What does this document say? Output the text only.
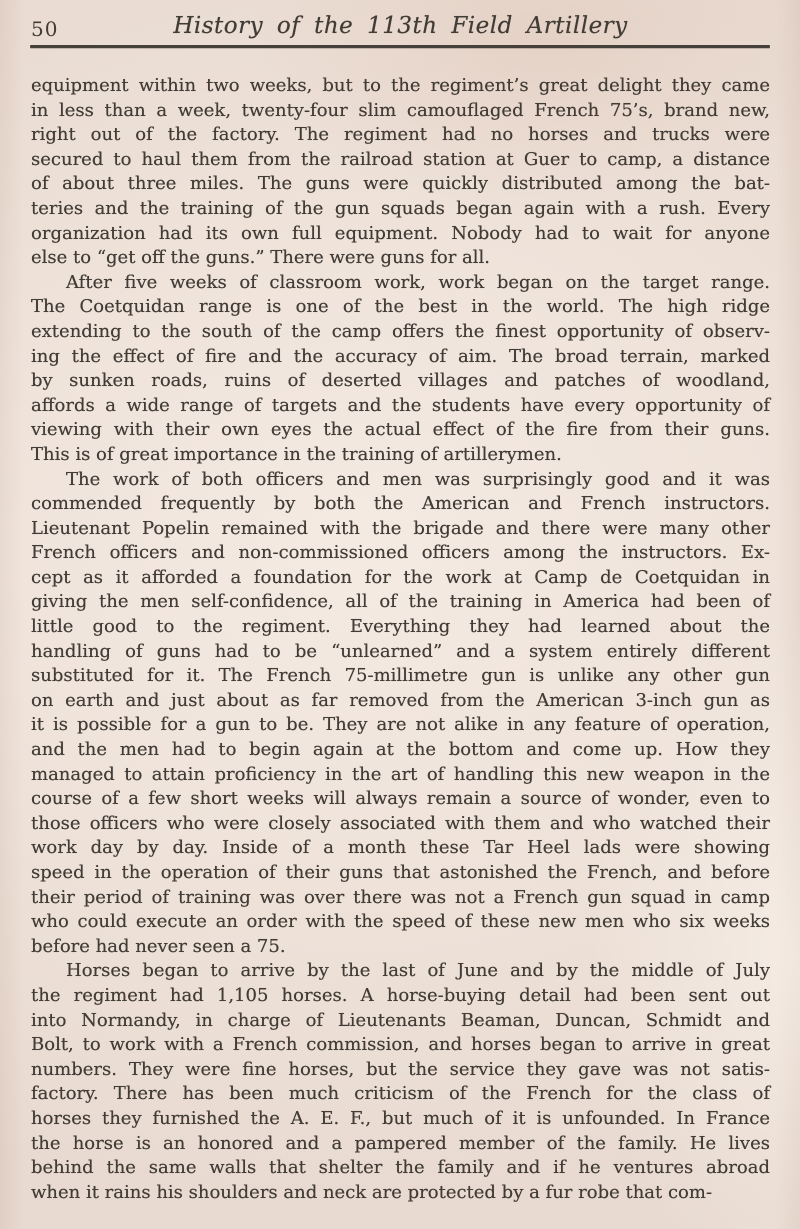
50	History of the 113th Field Artillery
equipment within two weeks, but to the regiment’s great delight they came
in less than a week, twenty-four slim camouflaged French 75’s, brand new,
right out of the factory. The regiment had no horses and trucks were
secured to haul them from the railroad station at Guer to camp, a distance
of about three miles. The guns were quickly distributed among the bat-
teries and the training of the gun squads began again with a rush. Every
organization had its own full equipment. Nobody had to wait for anyone
else to “get off the guns.” There were guns for all.
After five weeks of classroom work, work began on the target range.
The Coetquidan range is one of the best in the world. The high ridge
extending to the south of the camp offers the finest opportunity of observ-
ing the effect of fire and the accuracy of aim. The broad terrain, marked
by sunken roads, ruins of deserted villages and patches of woodland,
affords a wide range of targets and the students have every opportunity of
viewing with their own eyes the actual effect of the fire from their guns.
This is of great importance in the training of artillerymen.
The work of both officers and men was surprisingly good and it was
commended frequently by both the American and French instructors.
Lieutenant Popelin remained with the brigade and there were many other
French officers and non-commissioned officers among the instructors. Ex-
cept as it afforded a foundation for the work at Camp de Coetquidan in
giving the men self-confidence, all of the training in America had been of
little good to the regiment. Everything they had learned about the
handling of guns had to be “unlearned” and a system entirely different
substituted for it. The French 75-millimetre gun is unlike any other gun
on earth and just about as far removed from the American 3-inch gun as
it is possible for a gun to be. They are not alike in any feature of operation,
and the men had to begin again at the bottom and come up. How they
managed to attain proficiency in the art of handling this new weapon in the
course of a few short weeks will always remain a source of wonder, even to
those officers who were closely associated with them and who watched their
work day by day. Inside of a month these Tar Heel lads were showing
speed in the operation of their guns that astonished the French, and before
their period of training was over there was not a French gun squad in camp
who could execute an order with the speed of these new men who six weeks
before had never seen a 75.
Horses began to arrive by the last of June and by the middle of July
the regiment had 1,105 horses. A horse-buying detail had been sent out
into Normandy, in charge of Lieutenants Beaman, Duncan, Schmidt and
Bolt, to work with a French commission, and horses began to arrive in great
numbers. They were fine horses, but the service they gave was not satis-
factory. There has been much criticism of the French for the class of
horses they furnished the A. E. F., but much of it is unfounded. In France
the horse is an honored and a pampered member of the family. He lives
behind the same walls that shelter the family and if he ventures abroad
when it rains his shoulders and neck are protected by a fur robe that com-
